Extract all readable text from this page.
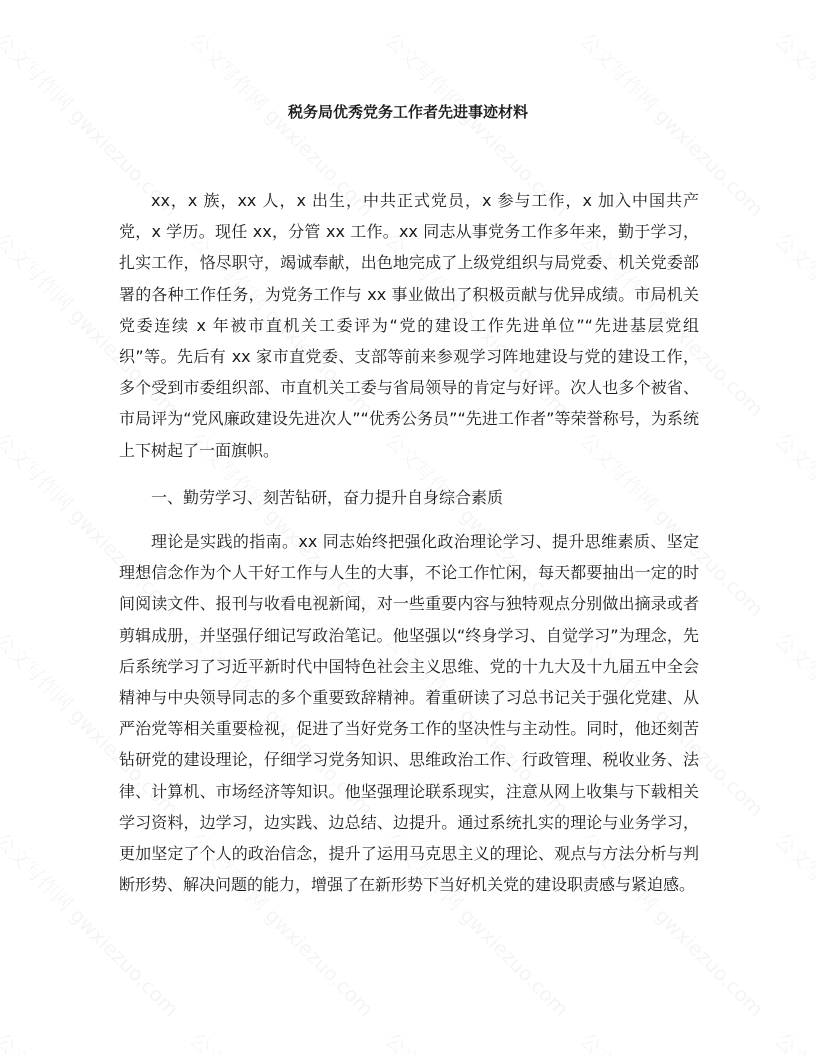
税务局优秀党务工作者先进事迹材料

xx，x 族，xx 人，x 出生，中共正式党员，x 参与工作，x 加入中国共产党，x 学历。现任 xx，分管 xx 工作。xx 同志从事党务工作多年来，勤于学习，扎实工作，恪尽职守，竭诚奉献，出色地完成了上级党组织与局党委、机关党委部署的各种工作任务，为党务工作与 xx 事业做出了积极贡献与优异成绩。市局机关党委连续 x 年被市直机关工委评为“党的建设工作先进单位”“先进基层党组织”等。先后有 xx 家市直党委、支部等前来参观学习阵地建设与党的建设工作，多个受到市委组织部、市直机关工委与省局领导的肯定与好评。次人也多个被省、市局评为“党风廉政建设先进次人”“优秀公务员”“先进工作者”等荣誉称号，为系统上下树起了一面旗帜。

一、勤劳学习、刻苦钻研，奋力提升自身综合素质

理论是实践的指南。xx 同志始终把强化政治理论学习、提升思维素质、坚定理想信念作为个人干好工作与人生的大事，不论工作忙闲，每天都要抽出一定的时间阅读文件、报刊与收看电视新闻，对一些重要内容与独特观点分别做出摘录或者剪辑成册，并坚强仔细记写政治笔记。他坚强以“终身学习、自觉学习”为理念，先后系统学习了习近平新时代中国特色社会主义思维、党的十九大及十九届五中全会精神与中央领导同志的多个重要致辞精神。着重研读了习总书记关于强化党建、从严治党等相关重要检视，促进了当好党务工作的坚决性与主动性。同时，他还刻苦钻研党的建设理论，仔细学习党务知识、思维政治工作、行政管理、税收业务、法律、计算机、市场经济等知识。他坚强理论联系现实，注意从网上收集与下载相关学习资料，边学习，边实践、边总结、边提升。通过系统扎实的理论与业务学习，更加坚定了个人的政治信念，提升了运用马克思主义的理论、观点与方法分析与判断形势、解决问题的能力，增强了在新形势下当好机关党的建设职责感与紧迫感。
